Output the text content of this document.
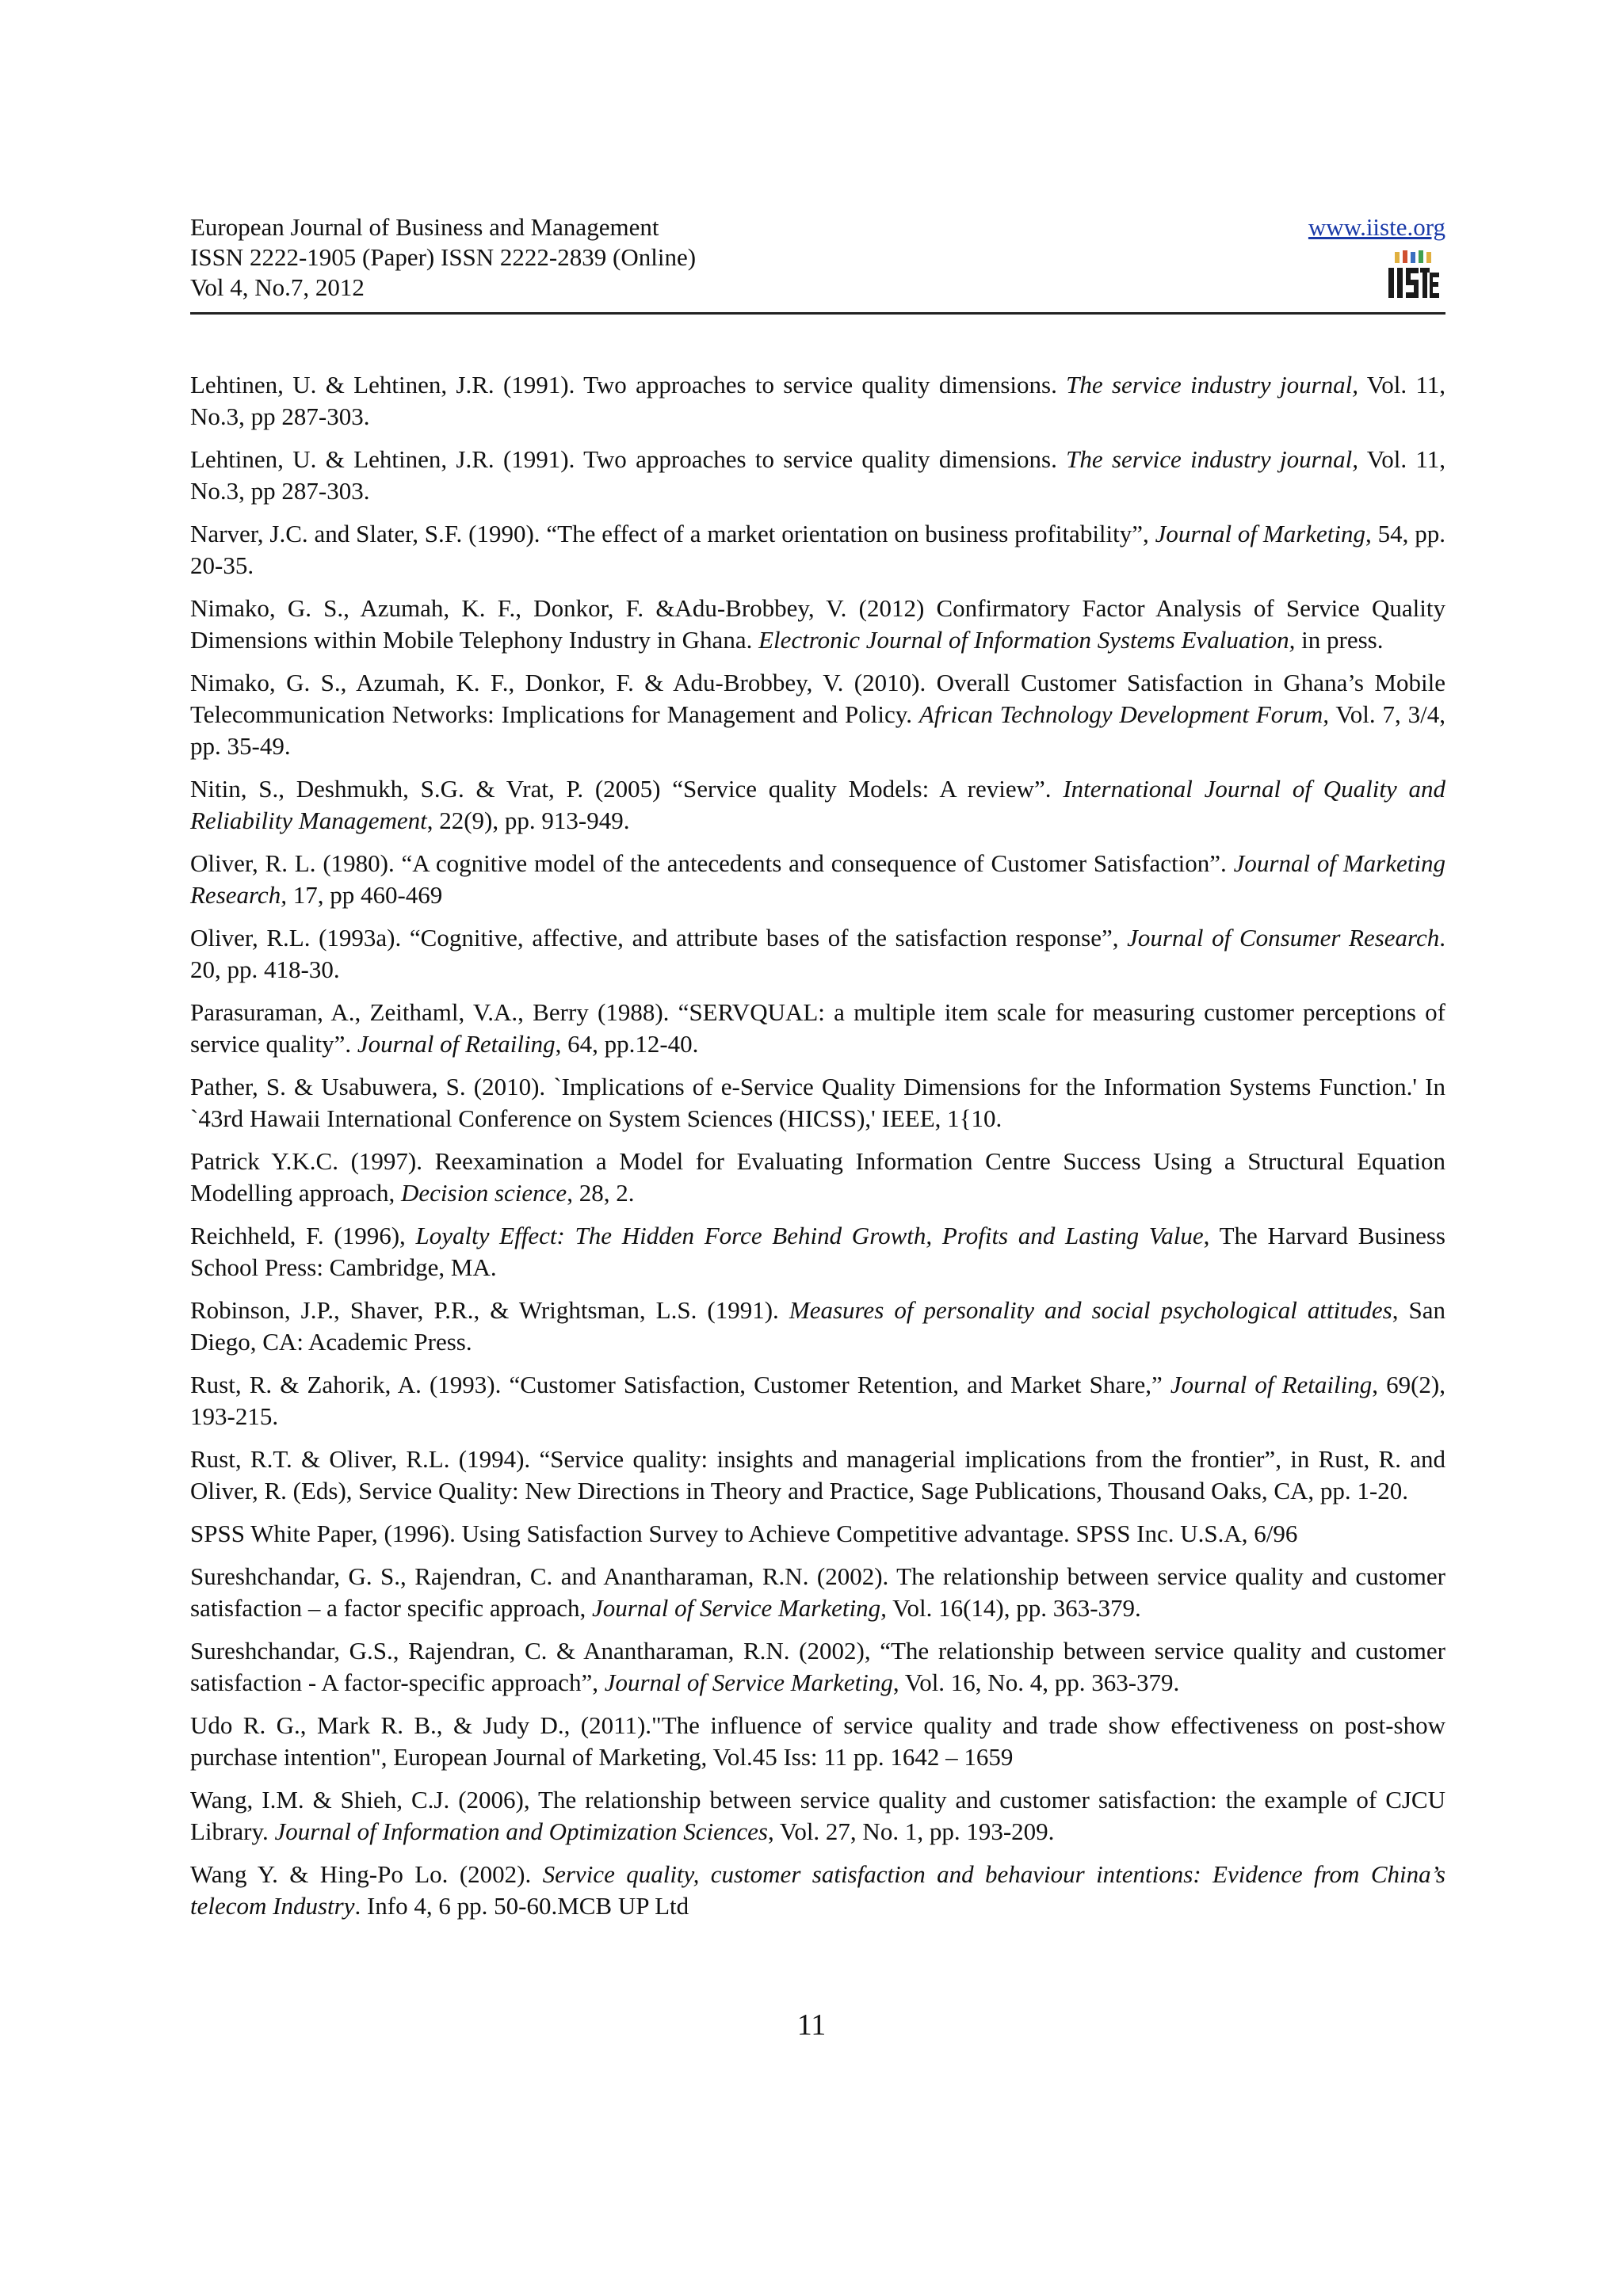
European Journal of Business and Management
ISSN 2222-1905 (Paper) ISSN 2222-2839 (Online)
Vol 4, No.7, 2012
www.iiste.org

Lehtinen, U. & Lehtinen, J.R. (1991). Two approaches to service quality dimensions. The service industry journal, Vol. 11, No.3, pp 287-303.

Lehtinen, U. & Lehtinen, J.R. (1991). Two approaches to service quality dimensions. The service industry journal, Vol. 11, No.3, pp 287-303.

Narver, J.C. and Slater, S.F. (1990). “The effect of a market orientation on business profitability”, Journal of Marketing, 54, pp. 20-35.

Nimako, G. S., Azumah, K. F., Donkor, F. &Adu-Brobbey, V. (2012) Confirmatory Factor Analysis of Service Quality Dimensions within Mobile Telephony Industry in Ghana. Electronic Journal of Information Systems Evaluation, in press.

Nimako, G. S., Azumah, K. F., Donkor, F. & Adu-Brobbey, V. (2010). Overall Customer Satisfaction in Ghana’s Mobile Telecommunication Networks: Implications for Management and Policy. African Technology Development Forum, Vol. 7, 3/4, pp. 35-49.

Nitin, S., Deshmukh, S.G. & Vrat, P. (2005) “Service quality Models: A review”. International Journal of Quality and Reliability Management, 22(9), pp. 913-949.

Oliver, R. L. (1980). “A cognitive model of the antecedents and consequence of Customer Satisfaction”. Journal of Marketing Research, 17, pp 460-469

Oliver, R.L. (1993a). “Cognitive, affective, and attribute bases of the satisfaction response”, Journal of Consumer Research. 20, pp. 418-30.

Parasuraman, A., Zeithaml, V.A., Berry (1988). “SERVQUAL: a multiple item scale for measuring customer perceptions of service quality”. Journal of Retailing, 64, pp.12-40.

Pather, S. & Usabuwera, S. (2010). `Implications of e-Service Quality Dimensions for the Information Systems Function.' In `43rd Hawaii International Conference on System Sciences (HICSS),' IEEE, 1{10.

Patrick Y.K.C. (1997). Reexamination a Model for Evaluating Information Centre Success Using a Structural Equation Modelling approach, Decision science, 28, 2.

Reichheld, F. (1996), Loyalty Effect: The Hidden Force Behind Growth, Profits and Lasting Value, The Harvard Business School Press: Cambridge, MA.

Robinson, J.P., Shaver, P.R., & Wrightsman, L.S. (1991). Measures of personality and social psychological attitudes, San Diego, CA: Academic Press.

Rust, R. & Zahorik, A. (1993). “Customer Satisfaction, Customer Retention, and Market Share,” Journal of Retailing, 69(2), 193-215.

Rust, R.T. & Oliver, R.L. (1994). “Service quality: insights and managerial implications from the frontier”, in Rust, R. and Oliver, R. (Eds), Service Quality: New Directions in Theory and Practice, Sage Publications, Thousand Oaks, CA, pp. 1-20.

SPSS White Paper, (1996). Using Satisfaction Survey to Achieve Competitive advantage. SPSS Inc. U.S.A, 6/96

Sureshchandar, G. S., Rajendran, C. and Anantharaman, R.N. (2002). The relationship between service quality and customer satisfaction – a factor specific approach, Journal of Service Marketing, Vol. 16(14), pp. 363-379.

Sureshchandar, G.S., Rajendran, C. & Anantharaman, R.N. (2002), “The relationship between service quality and customer satisfaction - A factor-specific approach”, Journal of Service Marketing, Vol. 16, No. 4, pp. 363-379.

Udo R. G., Mark R. B., & Judy D., (2011)."The influence of service quality and trade show effectiveness on post-show purchase intention", European Journal of Marketing, Vol.45 Iss: 11 pp. 1642 – 1659

Wang, I.M. & Shieh, C.J. (2006), The relationship between service quality and customer satisfaction: the example of CJCU Library. Journal of Information and Optimization Sciences, Vol. 27, No. 1, pp. 193-209.

Wang Y. & Hing-Po Lo. (2002). Service quality, customer satisfaction and behaviour intentions: Evidence from China’s telecom Industry. Info 4, 6 pp. 50-60.MCB UP Ltd

11
